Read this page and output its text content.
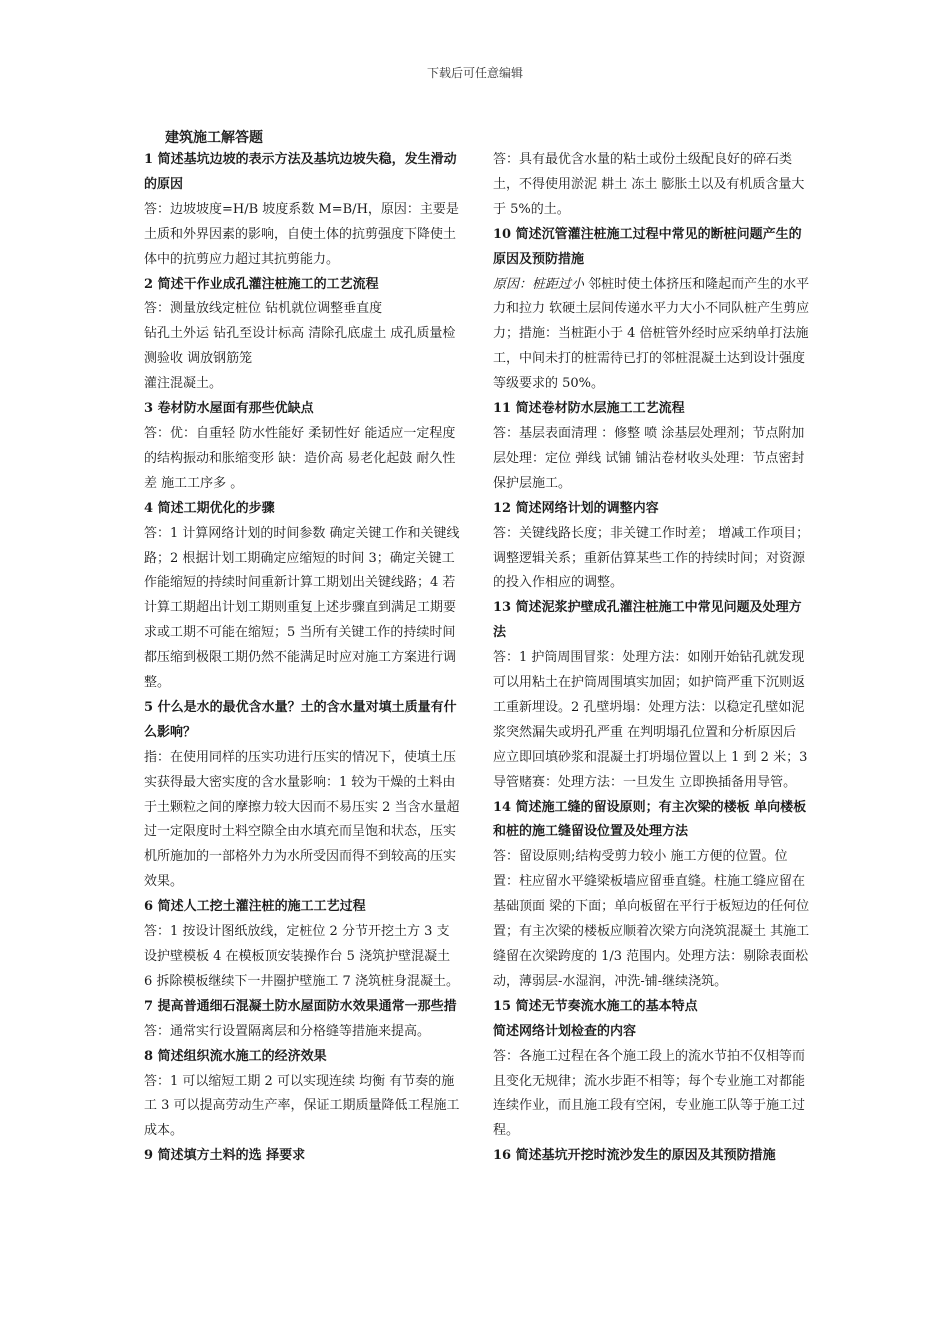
下载后可任意编辑
建筑施工解答题

1 简述基坑边坡的表示方法及基坑边坡失稳，发生滑动的原因

答：边坡坡度=H/B 坡度系数 M=B/H，原因：主要是土质和外界因素的影响，自使土体的抗剪强度下降使土体中的抗剪应力超过其抗剪能力。

2 简述干作业成孔灌注桩施工的工艺流程

答：测量放线定桩位 钻机就位调整垂直度

钻孔土外运 钻孔至设计标高 清除孔底虚土 成孔质量检测验收 调放钢筋笼

灌注混凝土。

3 卷材防水屋面有那些优缺点

答：优：自重轻 防水性能好 柔韧性好 能适应一定程度的结构振动和胀缩变形 缺：造价高 易老化起鼓 耐久性差 施工工序多 。

4 简述工期优化的步骤

答：1 计算网络计划的时间参数 确定关键工作和关键线路；2 根据计划工期确定应缩短的时间 3；确定关键工作能缩短的持续时间重新计算工期划出关键线路；4 若计算工期超出计划工期则重复上述步骤直到满足工期要求或工期不可能在缩短；5 当所有关键工作的持续时间都压缩到极限工期仍然不能满足时应对施工方案进行调整。

5 什么是水的最优含水量？土的含水量对填土质量有什么影响？

指：在使用同样的压实功进行压实的情况下，使填土压实获得最大密实度的含水量影响：1 较为干燥的土料由于土颗粒之间的摩擦力较大因而不易压实 2 当含水量超过一定限度时土料空隙全由水填充而呈饱和状态，压实机所施加的一部格外力为水所受因而得不到较高的压实效果。

6 简述人工挖土灌注桩的施工工艺过程

答：1 按设计图纸放线，定桩位 2 分节开挖土方 3 支设护壁模板 4 在模板顶安装操作台 5 浇筑护壁混凝土 6 拆除模板继续下一井圈护壁施工 7 浇筑桩身混凝土。

7 提高普通细石混凝土防水屋面防水效果通常一那些措

答：通常实行设置隔离层和分格缝等措施来提高。

8 简述组织流水施工的经济效果

答：1 可以缩短工期 2 可以实现连续 均衡 有节奏的施工 3 可以提高劳动生产率，保证工期质量降低工程施工成本。

9 简述填方土料的选 择要求

答：具有最优含水量的粘土或份土级配良好的碎石类土，不得使用淤泥 耕土 冻土 膨胀土以及有机质含量大于 5%的土。

10 简述沉管灌注桩施工过程中常见的断桩问题产生的原因及预防措施

原因：桩距过小 邻桩时使土体挤压和隆起而产生的水平力和拉力 软硬土层间传递水平力大小不同队桩产生剪应力；措施：当桩距小于 4 倍桩管外经时应采纳单打法施工，中间未打的桩需待已打的邻桩混凝土达到设计强度等级要求的 50%。

11 简述卷材防水层施工工艺流程

答：基层表面清理 ：修整 喷 涂基层处理剂；节点附加层处理：定位 弹线 试铺 铺沾卷材收头处理：节点密封 保护层施工。

12 简述网络计划的调整内容

答：关键线路长度；非关键工作时差； 增减工作项目；调整逻辑关系；重新估算某些工作的持续时间；对资源的投入作相应的调整。

13 简述泥浆护壁成孔灌注桩施工中常见问题及处理方法

答：1 护筒周围冒浆：处理方法：如刚开始钻孔就发现 可以用粘土在护筒周围填实加固；如护筒严重下沉则返工重新埋设。2 孔壁坍塌：处理方法：以稳定孔壁如泥浆突然漏失或坍孔严重 在判明塌孔位置和分析原因后 应立即回填砂浆和混凝土打坍塌位置以上 1 到 2 米；3 导管赌赛：处理方法：一旦发生 立即换插备用导管。

14 简述施工缝的留设原则；有主次梁的楼板 单向楼板和桩的施工缝留设位置及处理方法

答：留设原则;结构受剪力较小 施工方便的位置。位置：柱应留水平缝梁板墙应留垂直缝。柱施工缝应留在基础顶面 梁的下面；单向板留在平行于板短边的任何位置；有主次梁的楼板应顺着次梁方向浇筑混凝土 其施工缝留在次梁跨度的 1/3 范围内。处理方法：剔除表面松动，薄弱层-水湿润，冲洗-铺-继续浇筑。

15 简述无节奏流水施工的基本特点

简述网络计划检查的内容

答：各施工过程在各个施工段上的流水节拍不仅相等而且变化无规律；流水步距不相等；每个专业施工对都能连续作业，而且施工段有空闲，专业施工队等于施工过程。

16 简述基坑开挖时流沙发生的原因及其预防措施
